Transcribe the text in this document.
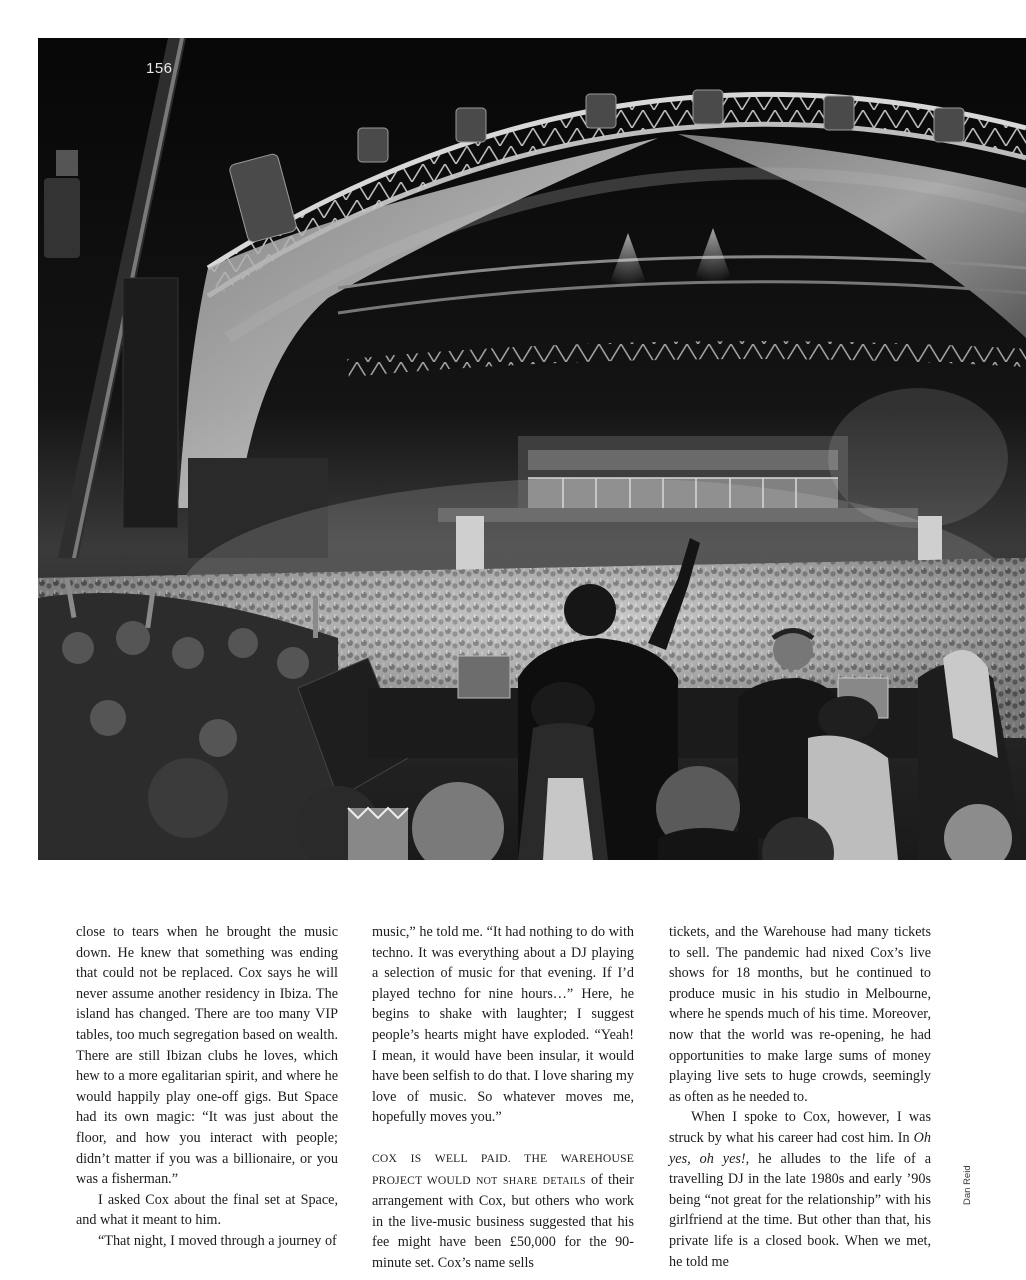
156

close to tears when he brought the music down. He knew that something was ending that could not be replaced. Cox says he will never assume another residency in Ibiza. The island has changed. There are too many VIP tables, too much segregation based on wealth. There are still Ibizan clubs he loves, which hew to a more egalitarian spirit, and where he would happily play one-off gigs. But Space had its own magic: “It was just about the floor, and how you interact with people; didn’t matter if you was a billionaire, or you was a fisherman.”

I asked Cox about the final set at Space, and what it meant to him.

“That night, I moved through a journey of

music,” he told me. “It had nothing to do with techno. It was everything about a DJ playing a selection of music for that evening. If I’d played techno for nine hours…” Here, he begins to shake with laughter; I suggest people’s hearts might have exploded. “Yeah! I mean, it would have been insular, it would have been selfish to do that. I love sharing my love of music. So whatever moves me, hopefully moves you.”

COX IS WELL PAID. THE WAREHOUSE PROJECT WOULD not share details of their arrangement with Cox, but others who work in the live-music business suggested that his fee might have been £50,000 for the 90-minute set. Cox’s name sells

tickets, and the Warehouse had many tickets to sell. The pandemic had nixed Cox’s live shows for 18 months, but he continued to produce music in his studio in Melbourne, where he spends much of his time. Moreover, now that the world was re-opening, he had opportunities to make large sums of money playing live sets to huge crowds, seemingly as often as he needed to.

When I spoke to Cox, however, I was struck by what his career had cost him. In Oh yes, oh yes!, he alludes to the life of a travelling DJ in the late 1980s and early ’90s being “not great for the relationship” with his girlfriend at the time. But other than that, his private life is a closed book. When we met, he told me

Dan Reid
